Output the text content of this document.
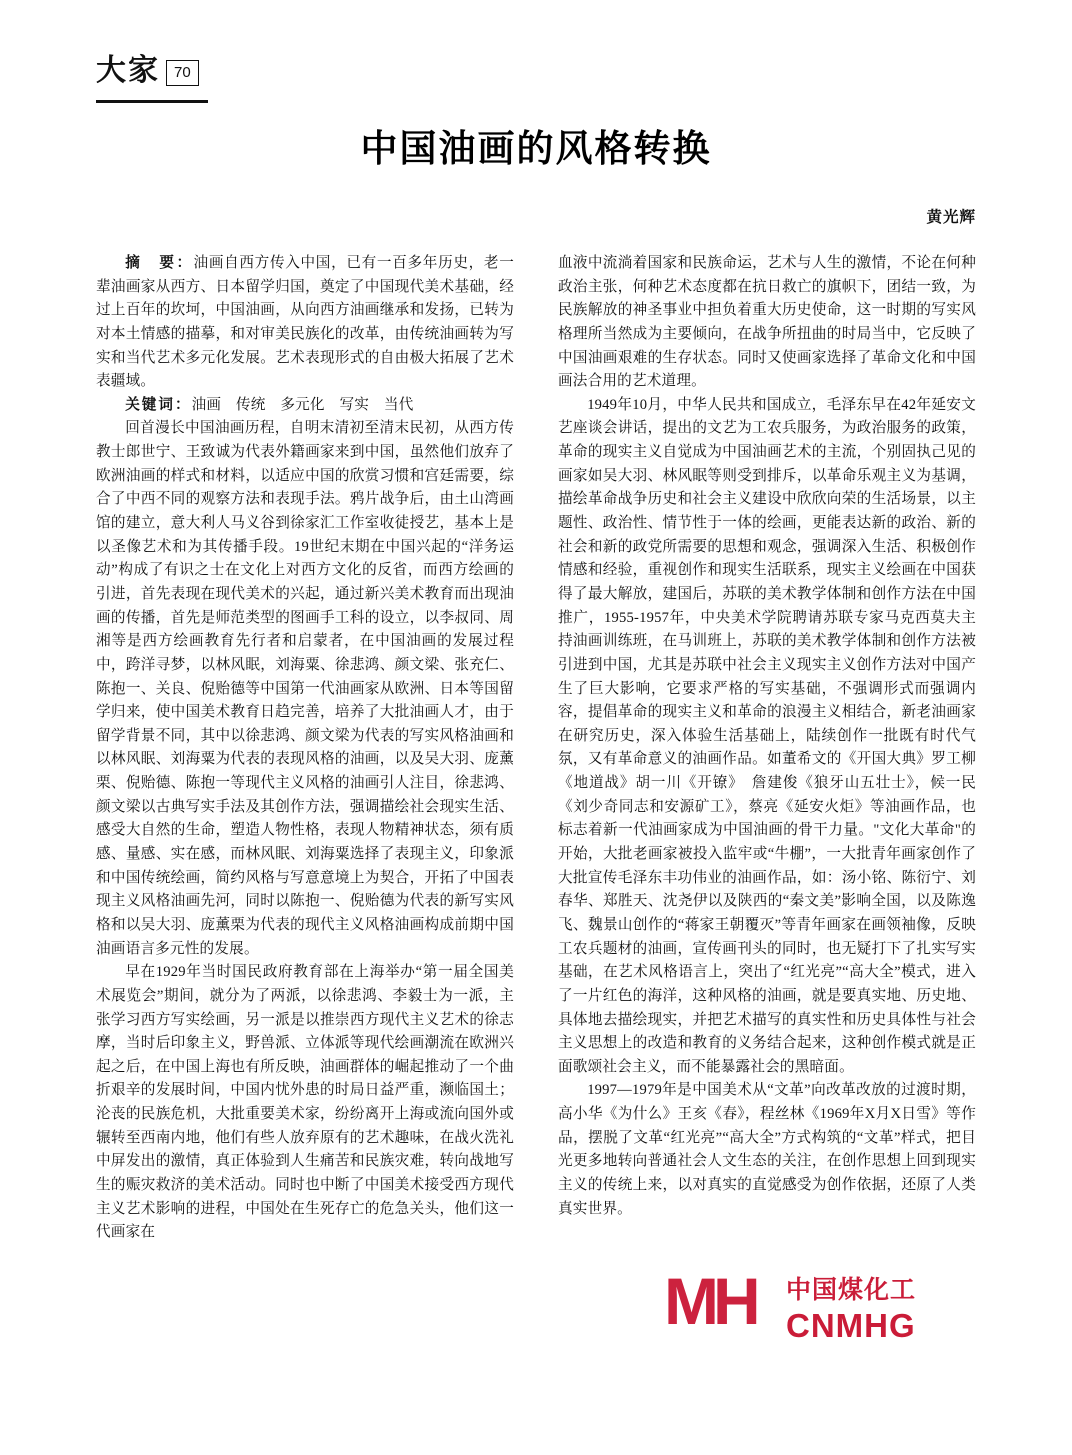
大家 70
中国油画的风格转换
黄光辉

摘　要：油画自西方传入中国，已有一百多年历史，老一辈油画家从西方、日本留学归国，奠定了中国现代美术基础，经过上百年的坎坷，中国油画，从向西方油画继承和发扬，已转为对本土情感的描摹，和对审美民族化的改革，由传统油画转为写实和当代艺术多元化发展。艺术表现形式的自由极大拓展了艺术表疆域。

关键词：油画　传统　多元化　写实　当代

回首漫长中国油画历程，自明末清初至清末民初，从西方传教士郎世宁、王致诚为代表外籍画家来到中国，虽然他们放弃了欧洲油画的样式和材料，以适应中国的欣赏习惯和宫廷需要，综合了中西不同的观察方法和表现手法。鸦片战争后，由土山湾画馆的建立，意大利人马义谷到徐家汇工作室收徒授艺，基本上是以圣像艺术和为其传播手段。19世纪末期在中国兴起的“洋务运动”构成了有识之士在文化上对西方文化的反省，而西方绘画的引进，首先表现在现代美术的兴起，通过新兴美术教育而出现油画的传播，首先是师范类型的图画手工科的设立，以李叔同、周湘等是西方绘画教育先行者和启蒙者，在中国油画的发展过程中，跨洋寻梦，以林风眠，刘海粟、徐悲鸿、颜文梁、张充仁、陈抱一、关良、倪贻德等中国第一代油画家从欧洲、日本等国留学归来，使中国美术教育日趋完善，培养了大批油画人才，由于留学背景不同，其中以徐悲鸿、颜文梁为代表的写实风格油画和以林风眠、刘海粟为代表的表现风格的油画，以及吴大羽、庞薰栗、倪贻德、陈抱一等现代主义风格的油画引人注目，徐悲鸿、颜文梁以古典写实手法及其创作方法，强调描绘社会现实生活、感受大自然的生命，塑造人物性格，表现人物精神状态，须有质感、量感、实在感，而林风眠、刘海粟选择了表现主义，印象派和中国传统绘画，简约风格与写意意境上为契合，开拓了中国表现主义风格油画先河，同时以陈抱一、倪贻德为代表的新写实风格和以吴大羽、庞薰栗为代表的现代主义风格油画构成前期中国油画语言多元性的发展。

早在1929年当时国民政府教育部在上海举办“第一届全国美术展览会”期间，就分为了两派，以徐悲鸿、李毅士为一派，主张学习西方写实绘画，另一派是以推崇西方现代主义艺术的徐志摩，当时后印象主义，野兽派、立体派等现代绘画潮流在欧洲兴起之后，在中国上海也有所反映，油画群体的崛起推动了一个曲折艰辛的发展时间，中国内忧外患的时局日益严重，濒临国土；沦丧的民族危机，大批重要美术家，纷纷离开上海或流向国外或辗转至西南内地，他们有些人放弃原有的艺术趣味，在战火洗礼中屏发出的激情，真正体验到人生痛苦和民族灾难，转向战地写生的赈灾救济的美术活动。同时也中断了中国美术接受西方现代主义艺术影响的进程，中国处在生死存亡的危急关头，他们这一代画家在

血液中流淌着国家和民族命运，艺术与人生的激情，不论在何种政治主张，何种艺术态度都在抗日救亡的旗帜下，团结一致，为民族解放的神圣事业中担负着重大历史使命，这一时期的写实风格理所当然成为主要倾向，在战争所扭曲的时局当中，它反映了中国油画艰难的生存状态。同时又使画家选择了革命文化和中国画法合用的艺术道理。

1949年10月，中华人民共和国成立，毛泽东早在42年延安文艺座谈会讲话，提出的文艺为工农兵服务，为政治服务的政策，革命的现实主义自觉成为中国油画艺术的主流，个别固执己见的画家如吴大羽、林风眠等则受到排斥，以革命乐观主义为基调，描绘革命战争历史和社会主义建设中欣欣向荣的生活场景，以主题性、政治性、情节性于一体的绘画，更能表达新的政治、新的社会和新的政党所需要的思想和观念，强调深入生活、积极创作情感和经验，重视创作和现实生活联系，现实主义绘画在中国获得了最大解放，建国后，苏联的美术教学体制和创作方法在中国推广，1955-1957年，中央美术学院聘请苏联专家马克西莫夫主持油画训练班，在马训班上，苏联的美术教学体制和创作方法被引进到中国，尤其是苏联中社会主义现实主义创作方法对中国产生了巨大影响，它要求严格的写实基础，不强调形式而强调内容，提倡革命的现实主义和革命的浪漫主义相结合，新老油画家在研究历史，深入体验生活基础上，陆续创作一批既有时代气氛，又有革命意义的油画作品。如董希文的《开国大典》罗工柳《地道战》胡一川《开镣》　詹建俊《狼牙山五壮士》，候一民《刘少奇同志和安源矿工》，蔡亮《延安火炬》等油画作品，也标志着新一代油画家成为中国油画的骨干力量。"文化大革命"的开始，大批老画家被投入监牢或“牛棚”，一大批青年画家创作了大批宣传毛泽东丰功伟业的油画作品，如：汤小铭、陈衍宁、刘春华、郑胜天、沈尧伊以及陕西的“秦文美”影响全国，以及陈逸飞、魏景山创作的“蒋家王朝覆灭”等青年画家在画领袖像，反映工农兵题材的油画，宣传画刊头的同时，也无疑打下了扎实写实基础，在艺术风格语言上，突出了“红光亮”“高大全”模式，进入了一片红色的海洋，这种风格的油画，就是要真实地、历史地、具体地去描绘现实，并把艺术描写的真实性和历史具体性与社会主义思想上的改造和教育的义务结合起来，这种创作模式就是正面歌颂社会主义，而不能暴露社会的黑暗面。

1997—1979年是中国美术从“文革”向改革改放的过渡时期，高小华《为什么》王亥《春》，程丝林《1969年X月X日雪》等作品，摆脱了文革“红光亮”“高大全”方式构筑的“文革”样式，把目光更多地转向普通社会人文生态的关注，在创作思想上回到现实主义的传统上来，以对真实的直觉感受为创作依据，还原了人类真实世界。

MH 中国煤化工
CNMHG
